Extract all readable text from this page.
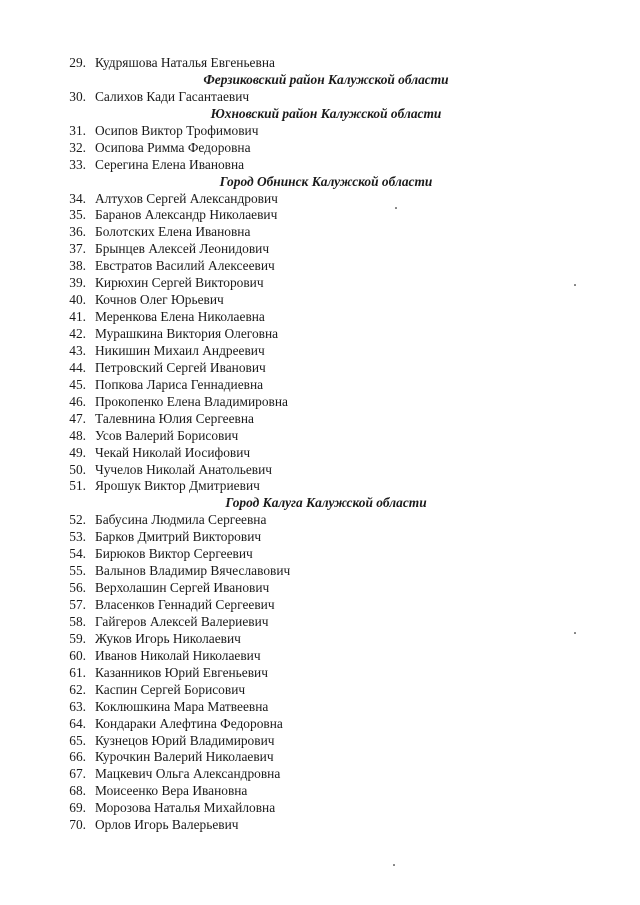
29. Кудряшова Наталья Евгеньевна
Ферзиковский район Калужской области
30. Салихов Кади Гасантаевич
Юхновский район Калужской области
31. Осипов Виктор Трофимович
32. Осипова Римма Федоровна
33. Серегина Елена Ивановна
Город Обнинск Калужской области
34. Алтухов Сергей Александрович
35. Баранов Александр Николаевич
36. Болотских Елена Ивановна
37. Брынцев Алексей Леонидович
38. Евстратов Василий Алексеевич
39. Кирюхин Сергей Викторович
40. Кочнов Олег Юрьевич
41. Меренкова Елена Николаевна
42. Мурашкина Виктория Олеговна
43. Никишин Михаил Андреевич
44. Петровский Сергей Иванович
45. Попкова Лариса Геннадиевна
46. Прокопенко Елена Владимировна
47. Талевнина Юлия Сергеевна
48. Усов Валерий Борисович
49. Чекай Николай Иосифович
50. Чучелов Николай Анатольевич
51. Ярошук Виктор Дмитриевич
Город Калуга Калужской области
52. Бабусина Людмила Сергеевна
53. Барков Дмитрий Викторович
54. Бирюков Виктор Сергеевич
55. Валынов Владимир Вячеславович
56. Верхолашин Сергей Иванович
57. Власенков Геннадий Сергеевич
58. Гайгеров Алексей Валериевич
59. Жуков Игорь Николаевич
60. Иванов Николай Николаевич
61. Казанников Юрий Евгеньевич
62. Каспин Сергей Борисович
63. Коклюшкина Мара Матвеевна
64. Кондараки Алефтина Федоровна
65. Кузнецов Юрий Владимирович
66. Курочкин Валерий Николаевич
67. Мацкевич Ольга Александровна
68. Моисеенко Вера Ивановна
69. Морозова Наталья Михайловна
70. Орлов Игорь Валерьевич
